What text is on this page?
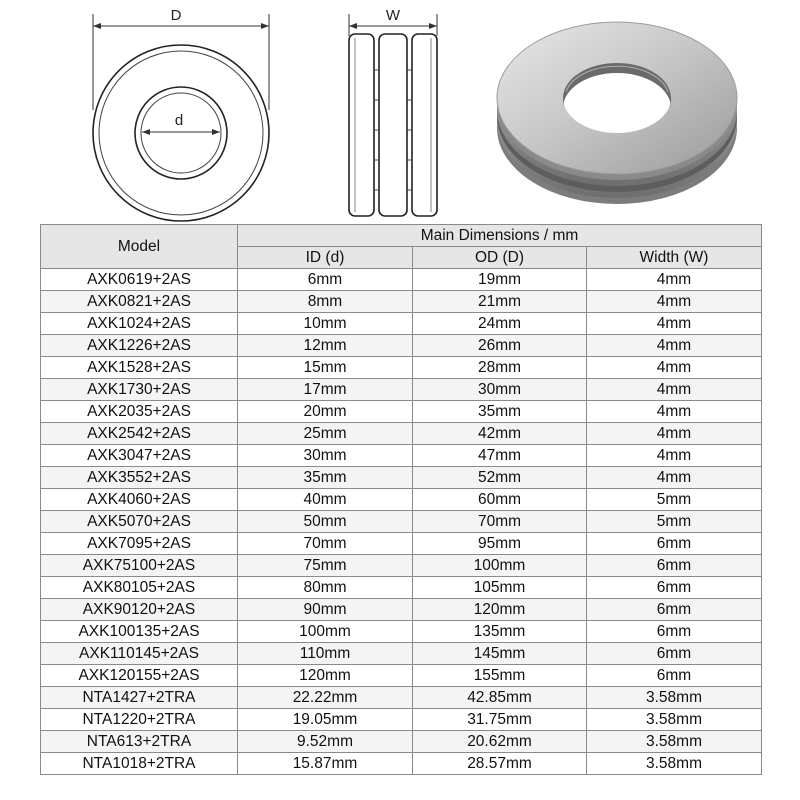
D
d
W
Model	Main Dimensions / mm		
	ID (d)	OD (D)	Width (W)
AXK0619+2AS	6mm	19mm	4mm
AXK0821+2AS	8mm	21mm	4mm
AXK1024+2AS	10mm	24mm	4mm
AXK1226+2AS	12mm	26mm	4mm
AXK1528+2AS	15mm	28mm	4mm
AXK1730+2AS	17mm	30mm	4mm
AXK2035+2AS	20mm	35mm	4mm
AXK2542+2AS	25mm	42mm	4mm
AXK3047+2AS	30mm	47mm	4mm
AXK3552+2AS	35mm	52mm	4mm
AXK4060+2AS	40mm	60mm	5mm
AXK5070+2AS	50mm	70mm	5mm
AXK7095+2AS	70mm	95mm	6mm
AXK75100+2AS	75mm	100mm	6mm
AXK80105+2AS	80mm	105mm	6mm
AXK90120+2AS	90mm	120mm	6mm
AXK100135+2AS	100mm	135mm	6mm
AXK110145+2AS	110mm	145mm	6mm
AXK120155+2AS	120mm	155mm	6mm
NTA1427+2TRA	22.22mm	42.85mm	3.58mm
NTA1220+2TRA	19.05mm	31.75mm	3.58mm
NTA613+2TRA	9.52mm	20.62mm	3.58mm
NTA1018+2TRA	15.87mm	28.57mm	3.58mm
